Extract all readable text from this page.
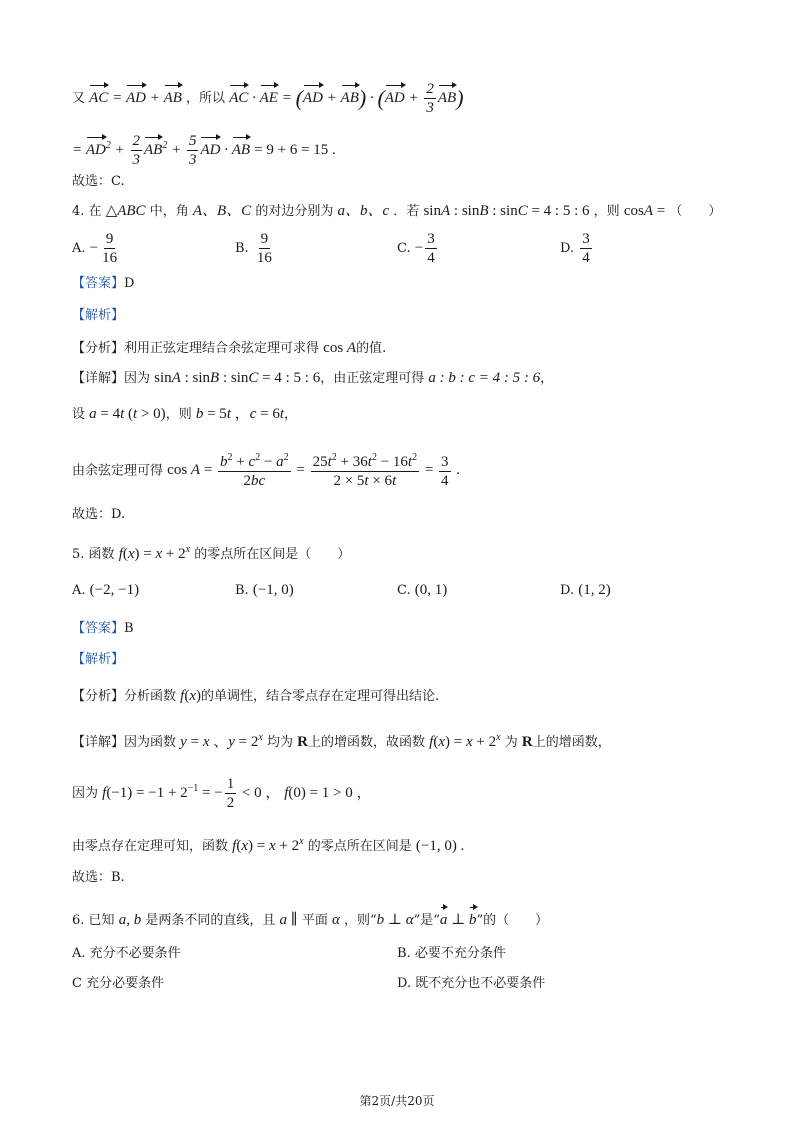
又 AC = AD + AB ，所以 AC · AE = $(AD + AB) \cdot (AD + \frac{2}{3} AB)$
= $AD^2 + \frac{2}{3} AB^2 + \frac{5}{3}$ AD · AB = 9 + 6 = 15 .
故选：C.
4. 在 △ABC 中，角 A、B、C 的对边分别为 a、b、c ．若 sinA : sinB : sinC = 4 : 5 : 6 ，则 cosA = （　　）
A. − $\frac{9}{16}$	B. $\frac{9}{16}$	C. − $\frac{3}{4}$	D. $\frac{3}{4}$
【答案】D
【解析】
【分析】利用正弦定理结合余弦定理可求得 cos A的值.
【详解】因为 sinA : sinB : sinC = 4 : 5 : 6，由正弦定理可得 a : b : c = 4 : 5 : 6，
设 a = 4t (t > 0)，则 b = 5t ，c = 6t，
由余弦定理可得 $\cos A = \frac{b^2 + c^2 - a^2}{2bc} = \frac{25t^2 + 36t^2 - 16t^2}{2 \times 5t \times 6t} = \frac{3}{4}$ .
故选：D.
5. 函数 $f(x) = x + 2^x$ 的零点所在区间是（　　）
A. (−2, −1)	B. (−1, 0)	C. (0, 1)	D. (1, 2)
【答案】B
【解析】
【分析】分析函数 f(x)的单调性，结合零点存在定理可得出结论.
【详解】因为函数 y = x 、$y = 2^x$ 均为 R上的增函数，故函数 $f(x) = x + 2^x$ 为 R上的增函数，
因为 $f(-1) = -1 + 2^{-1}$ = − $\frac{1}{2} < 0$ ， f(0) = 1 > 0 ，
由零点存在定理可知，函数 $f(x) = x + 2^x$ 的零点所在区间是 (−1, 0) .
故选：B.
6. 已知 a, b 是两条不同的直线，且 a ∥ 平面 α ，则“b ⊥ α”是“a ⊥ b”的（　　）
A. 充分不必要条件	B. 必要不充分条件
C 充分必要条件	D. 既不充分也不必要条件
第2页/共20页
